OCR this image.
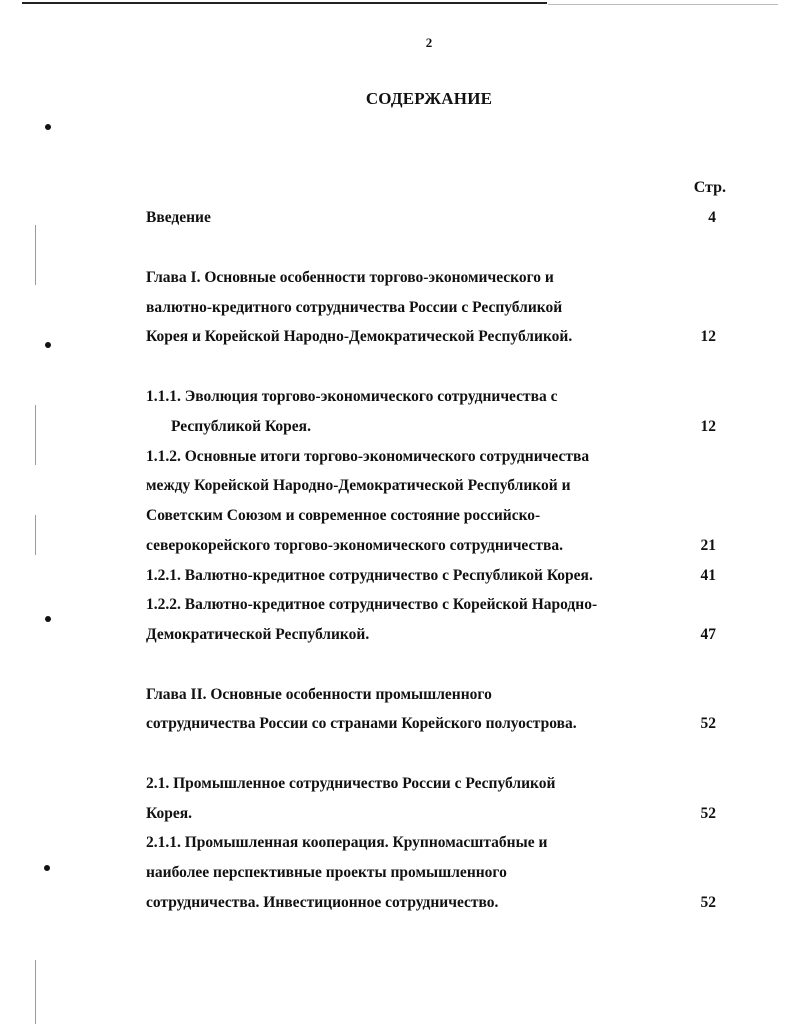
2
СОДЕРЖАНИЕ
Стр.
Введение	4
Глава I. Основные особенности торгово-экономического и
валютно-кредитного сотрудничества России с Республикой
Корея и Корейской Народно-Демократической Республикой.	12
1.1.1. Эволюция торгово-экономического сотрудничества с
Республикой Корея.	12
1.1.2. Основные итоги торгово-экономического сотрудничества
между Корейской Народно-Демократической Республикой и
Советским Союзом и современное состояние российско-
северокорейского торгово-экономического сотрудничества.	21
1.2.1. Валютно-кредитное сотрудничество с Республикой Корея.	41
1.2.2. Валютно-кредитное сотрудничество с Корейской Народно-
Демократической Республикой.	47
Глава II. Основные особенности промышленного
сотрудничества России со странами Корейского полуострова.	52
2.1. Промышленное сотрудничество России с Республикой
Корея.	52
2.1.1. Промышленная кооперация. Крупномасштабные и
наиболее перспективные проекты промышленного
сотрудничества. Инвестиционное сотрудничество.	52
